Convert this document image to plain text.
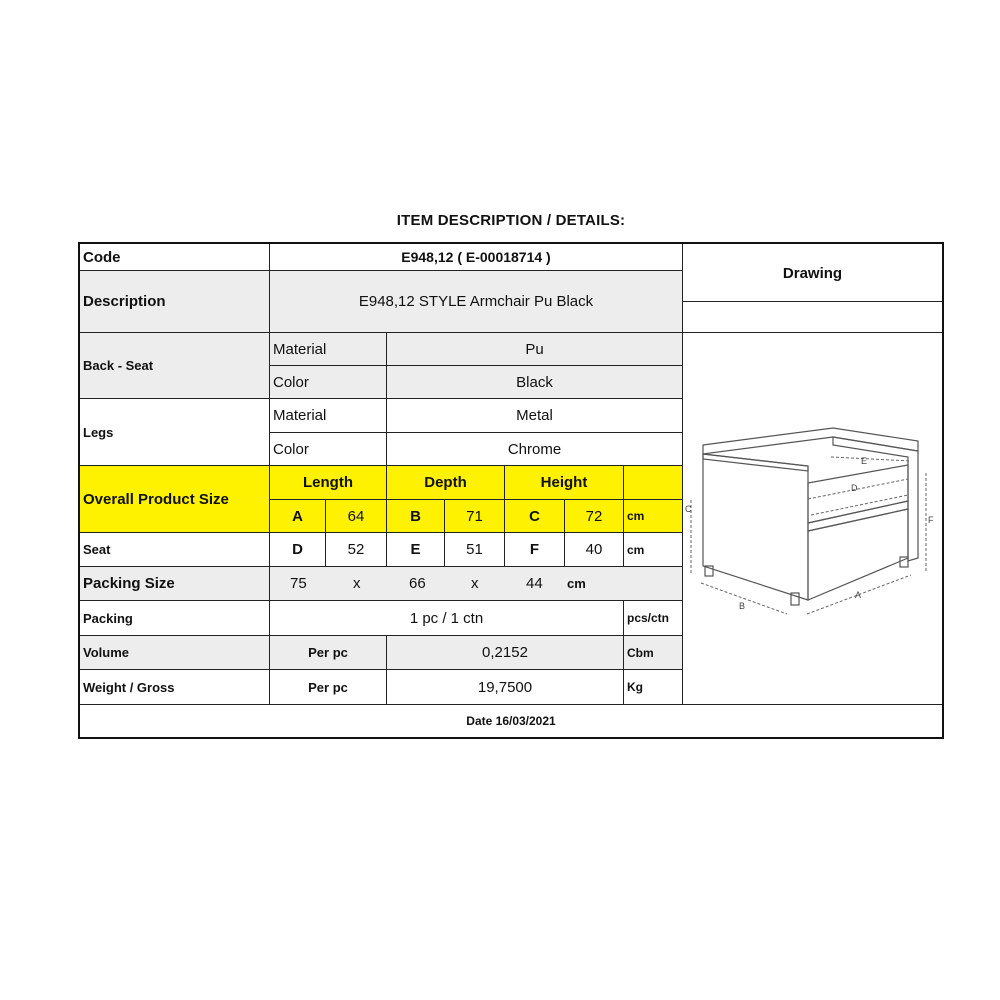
ITEM DESCRIPTION / DETAILS:
Code	E948,12 ( E-00018714 )
Description	E948,12 STYLE Armchair Pu Black
Drawing
Back - Seat
Material	Pu
Color	Black
Legs
Material	Metal
Color	Chrome
Overall Product Size
Length	Depth	Height
A	64	B	71	C	72	cm
Seat	D	52	E	51	F	40	cm
Packing Size	75	x	66	x	44 cm
Packing	1 pc / 1 ctn	pcs/ctn
Volume	Per pc	0,2152	Cbm
Weight / Gross	Per pc	19,7500	Kg
E
D
C
F
B
A
Date 16/03/2021
